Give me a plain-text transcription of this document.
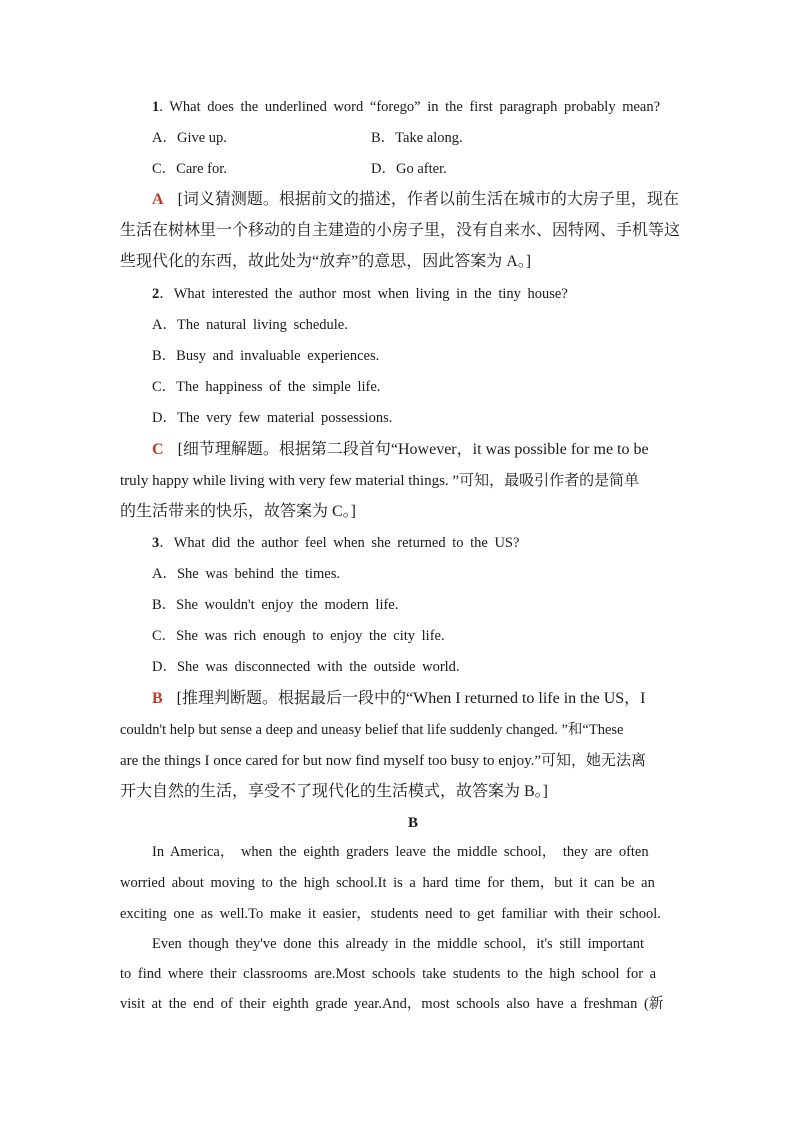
1. What does the underlined word “forego” in the first paragraph probably mean?
A．Give up.	B．Take along.
C．Care for.	D．Go after.
A [词义猜测题。根据前文的描述，作者以前生活在城市的大房子里，现在
生活在树林里一个移动的自主建造的小房子里，没有自来水、因特网、手机等这
些现代化的东西，故此处为“放弃”的意思，因此答案为 A。]
2．What interested the author most when living in the tiny house?
A．The natural living schedule.
B．Busy and invaluable experiences.
C．The happiness of the simple life.
D．The very few material possessions.
C [细节理解题。根据第二段首句“However，it was possible for me to be
truly happy while living with very few material things. ”可知，最吸引作者的是简单
的生活带来的快乐，故答案为 C。]
3．What did the author feel when she returned to the US?
A．She was behind the times.
B．She wouldn't enjoy the modern life.
C．She was rich enough to enjoy the city life.
D．She was disconnected with the outside world.
B [推理判断题。根据最后一段中的“When I returned to life in the US，I
couldn't help but sense a deep and uneasy belief that life suddenly changed. ”和“These
are the things I once cared for but now find myself too busy to enjoy.”可知，她无法离
开大自然的生活，享受不了现代化的生活模式，故答案为 B。]
B
In America， when the eighth graders leave the middle school， they are often
worried about moving to the high school.It is a hard time for them，but it can be an
exciting one as well.To make it easier，students need to get familiar with their school.
Even though they've done this already in the middle school，it's still important
to find where their classrooms are.Most schools take students to the high school for a
visit at the end of their eighth grade year.And，most schools also have a freshman (新
